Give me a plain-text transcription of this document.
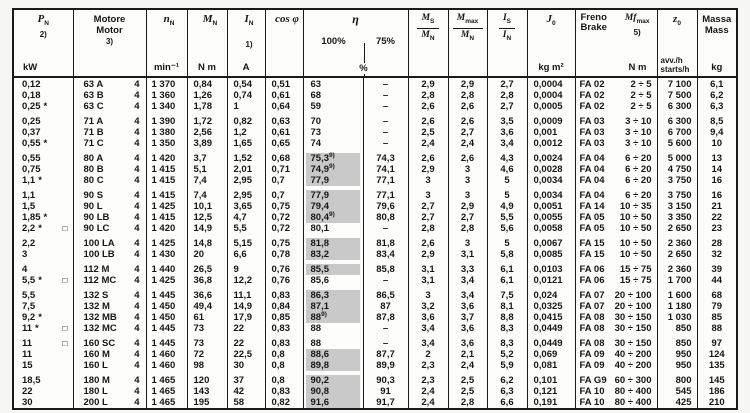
$P_N$
2)
kW

Motore
Motor
3)

$n_N$
min⁻¹

$M_N$
N m

$I_N$
1)
A

cos φ	η
100%	75%
%

$M_S$
$M_N$

$M_{max}$
$M_N$

$I_S$
$I_N$

$J_0$
kg m²

Freno
Brake
$Mf_{max}$
5)
N m

$z_0$
avv./h
starts/h

Massa
Mass
kg

0,12	63 A 4	1 370	0,84	0,54	0,51	63	–	2,9	2,9	2,7	0,0004	FA 02 2 ÷ 5	7 100	6,1

0,18	63 B 4	1 360	1,26	0,74	0,61	68	–	2,8	2,8	2,8	0,0004	FA 02 2 ÷ 5	7 500	6,2

0,25 *	63 C 4	1 340	1,78	1	0,64	59	–	2,6	2,6	2,7	0,0005	FA 02 2 ÷ 5	6 300	6,3

0,25	71 A 4	1 390	1,72	0,82	0,63	70	–	2,6	2,6	3,5	0,0009	FA 03 3 ÷ 10	6 300	8,5

0,37	71 B 4	1 380	2,56	1,2	0,61	73	–	2,5	2,7	3,6	0,001	FA 03 3 ÷ 10	6 700	9,4

0,55 *	71 C 4	1 350	3,89	1,65	0,65	74	–	2,4	2,4	3,4	0,0012	FA 03 3 ÷ 10	5 600	10

0,55	80 A 4	1 420	3,7	1,52	0,68	75,3$^{9)}$	74,3	2,6	2,6	4,3	0,0024	FA 04 6 ÷ 20	5 000	13

0,75	80 B 4	1 415	5,1	2,01	0,71	74,9$^{9)}$	74,1	2,9	3	4,6	0,0028	FA 04 6 ÷ 20	4 750	14

1,1 *	80 C 4	1 415	7,4	2,95	0,7	77,9	77,1	3	3	5	0,0034	FA 04 6 ÷ 20	3 750	16

1,1	90 S 4	1 415	7,4	2,95	0,7	77,9	77,1	3	3	5	0,0034	FA 04 6 ÷ 20	3 750	16

1,5	90 L 4	1 425	10,1	3,65	0,75	79,4	79,6	2,7	2,9	4,9	0,0051	FA 14 10 ÷ 35	3 150	21

1,85 *	90 LB 4	1 415	12,5	4,7	0,72	80,4$^{9)}$	80,8	2,7	2,7	5,5	0,0055	FA 05 10 ÷ 50	3 350	22

2,2 * □	90 LC 4	1 420	14,9	5,5	0,72	80,1	–	2,8	2,8	5,6	0,0058	FA 05 10 ÷ 50	2 650	23

2,2	100 LA 4	1 425	14,8	5,15	0,75	81,8	81,8	2,6	3	5	0,0067	FA 15 10 ÷ 50	2 360	28

3	100 LB 4	1 430	20	6,6	0,78	83,2	83,4	2,9	3,1	5,8	0,0085	FA 15 10 ÷ 50	2 650	32

4	112 M 4	1 440	26,5	9	0,76	85,5	85,8	3,1	3,3	6,1	0,0103	FA 06 15 ÷ 75	2 360	39

5,5 * □	112 MC 4	1 425	36,8	12,2	0,76	85,6	–	3,1	3,4	6,1	0,0121	FA 06 15 ÷ 75	1 700	44

5,5	132 S 4	1 445	36,6	11,1	0,83	86,3	86,5	3	3,4	7,5	0,024	FA 07 20 ÷ 100	1 600	68

7,5	132 M 4	1 450	49,4	14,9	0,84	87,1	87	3,2	3,6	8,1	0,0325	FA 07 20 ÷ 100	1 180	79

9,2 *	132 MB 4	1 450	61	17,9	0,85	88$^{9)}$	87,8	3,6	3,7	8,8	0,0415	FA 08 30 ÷ 150	1 030	85

11 * □	132 MC 4	1 445	73	22	0,83	88	–	3,4	3,6	8,3	0,0449	FA 08 30 ÷ 150	850	88

11 □	160 SC 4	1 445	73	22	0,83	88	–	3,4	3,6	8,3	0,0449	FA 08 30 ÷ 150	850	97

11	160 M 4	1 460	72	22,5	0,8	88,6	87,7	2	2,1	5,2	0,069	FA 09 40 ÷ 200	950	124

15	160 L 4	1 460	98	30	0,8	89,8	89,9	2,3	2,4	5,9	0,081	FA 09 40 ÷ 200	950	135

18,5	180 M 4	1 465	120	37	0,8	90,2	90,3	2,3	2,5	6,2	0,101	FA G9 60 ÷ 300	800	145

22	180 L 4	1 465	143	42	0,83	90,8	91	2,4	2,5	6,3	0,121	FA 10 80 ÷ 400	545	186

30	200 L 4	1 465	195	58	0,82	91,6	91,7	2,4	2,8	6,6	0,191	FA 10 80 ÷ 400	425	210
